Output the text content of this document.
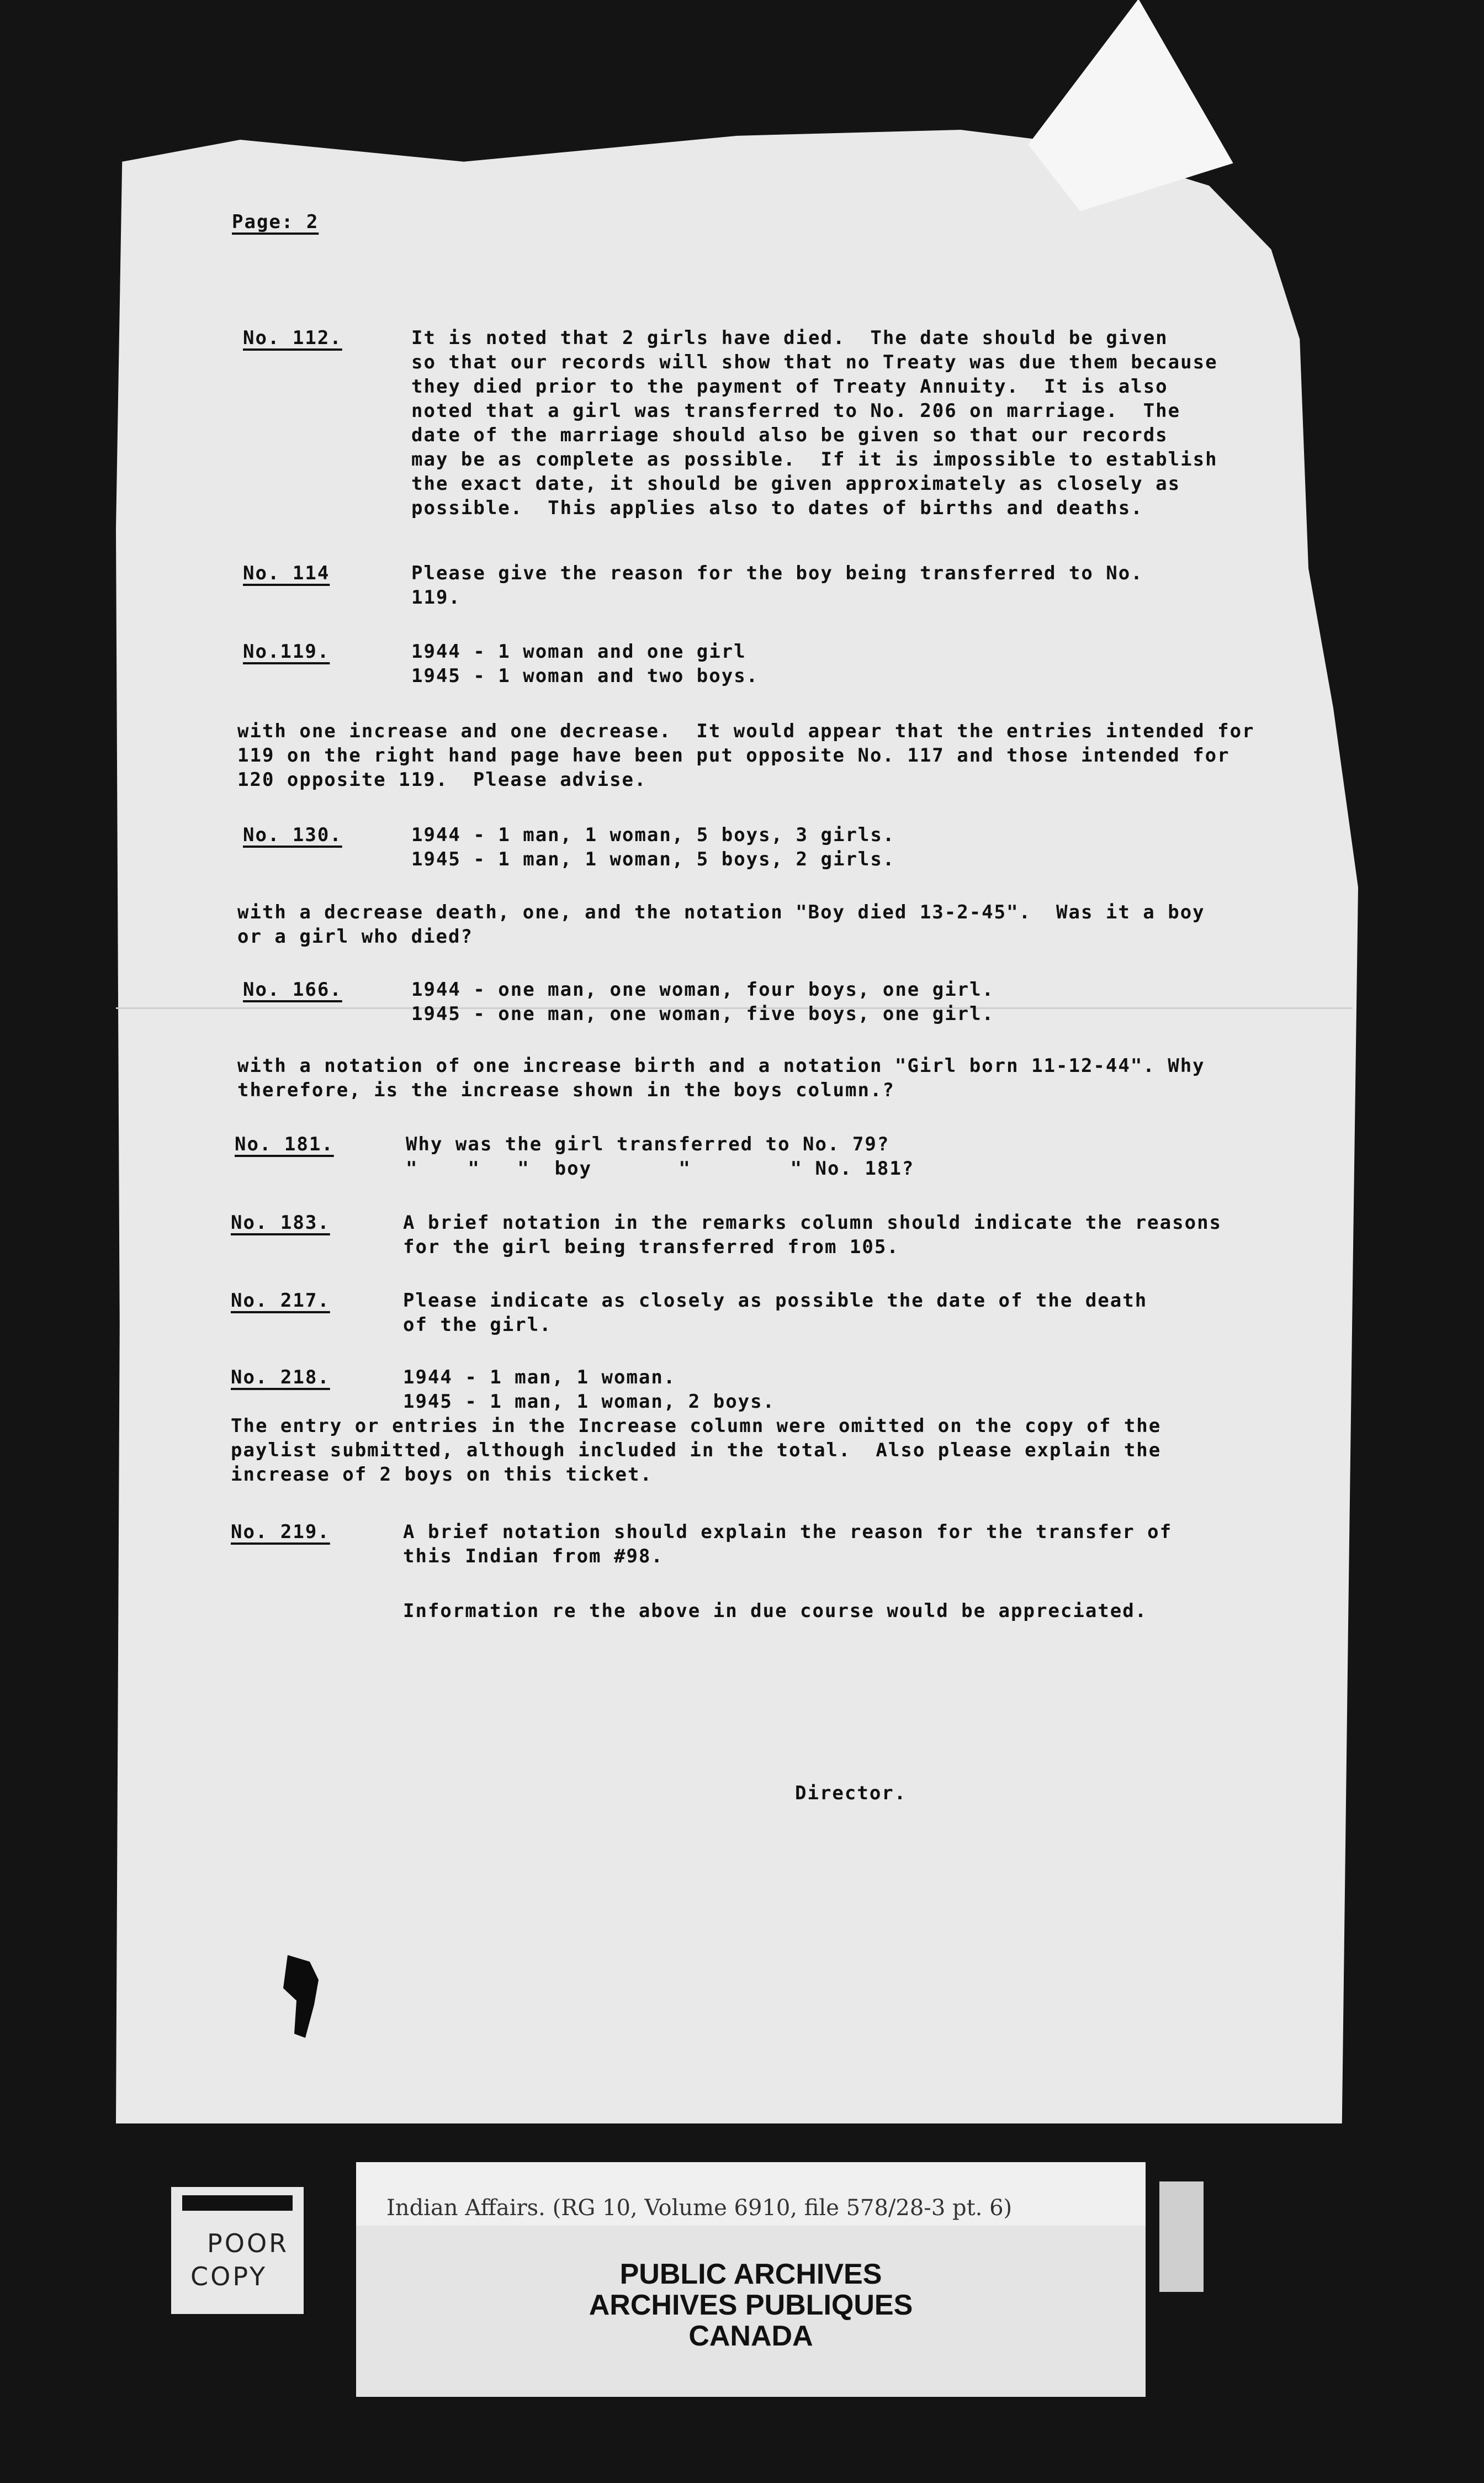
Page: 2

No. 112.	It is noted that 2 girls have died.  The date should be given

so that our records will show that no Treaty was due them because

they died prior to the payment of Treaty Annuity.  It is also

noted that a girl was transferred to No. 206 on marriage.  The

date of the marriage should also be given so that our records

may be as complete as possible.  If it is impossible to establish

the exact date, it should be given approximately as closely as

possible.  This applies also to dates of births and deaths.

No. 114	Please give the reason for the boy being transferred to No.

119.

No.119.	1944 - 1 woman and one girl

1945 - 1 woman and two boys.

with one increase and one decrease.  It would appear that the entries intended for

119 on the right hand page have been put opposite No. 117 and those intended for

120 opposite 119.  Please advise.

No. 130.	1944 - 1 man, 1 woman, 5 boys, 3 girls.

1945 - 1 man, 1 woman, 5 boys, 2 girls.

with a decrease death, one, and the notation "Boy died 13-2-45".  Was it a boy

or a girl who died?

No. 166.	1944 - one man, one woman, four boys, one girl.

1945 - one man, one woman, five boys, one girl.

with a notation of one increase birth and a notation "Girl born 11-12-44". Why

therefore, is the increase shown in the boys column.?

No. 181.	Why was the girl transferred to No. 79?

"    "   "  boy       "        " No. 181?

No. 183.	A brief notation in the remarks column should indicate the reasons

for the girl being transferred from 105.

No. 217.	Please indicate as closely as possible the date of the death

of the girl.

No. 218.	1944 - 1 man, 1 woman.

1945 - 1 man, 1 woman, 2 boys.

The entry or entries in the Increase column were omitted on the copy of the

paylist submitted, although included in the total.  Also please explain the

increase of 2 boys on this ticket.

No. 219.	A brief notation should explain the reason for the transfer of

this Indian from #98.

Information re the above in due course would be appreciated.

Director.

Indian Affairs. (RG 10, Volume 6910, file 578/28-3 pt. 6)

PUBLIC ARCHIVES
ARCHIVES PUBLIQUES
CANADA

POOR

COPY
